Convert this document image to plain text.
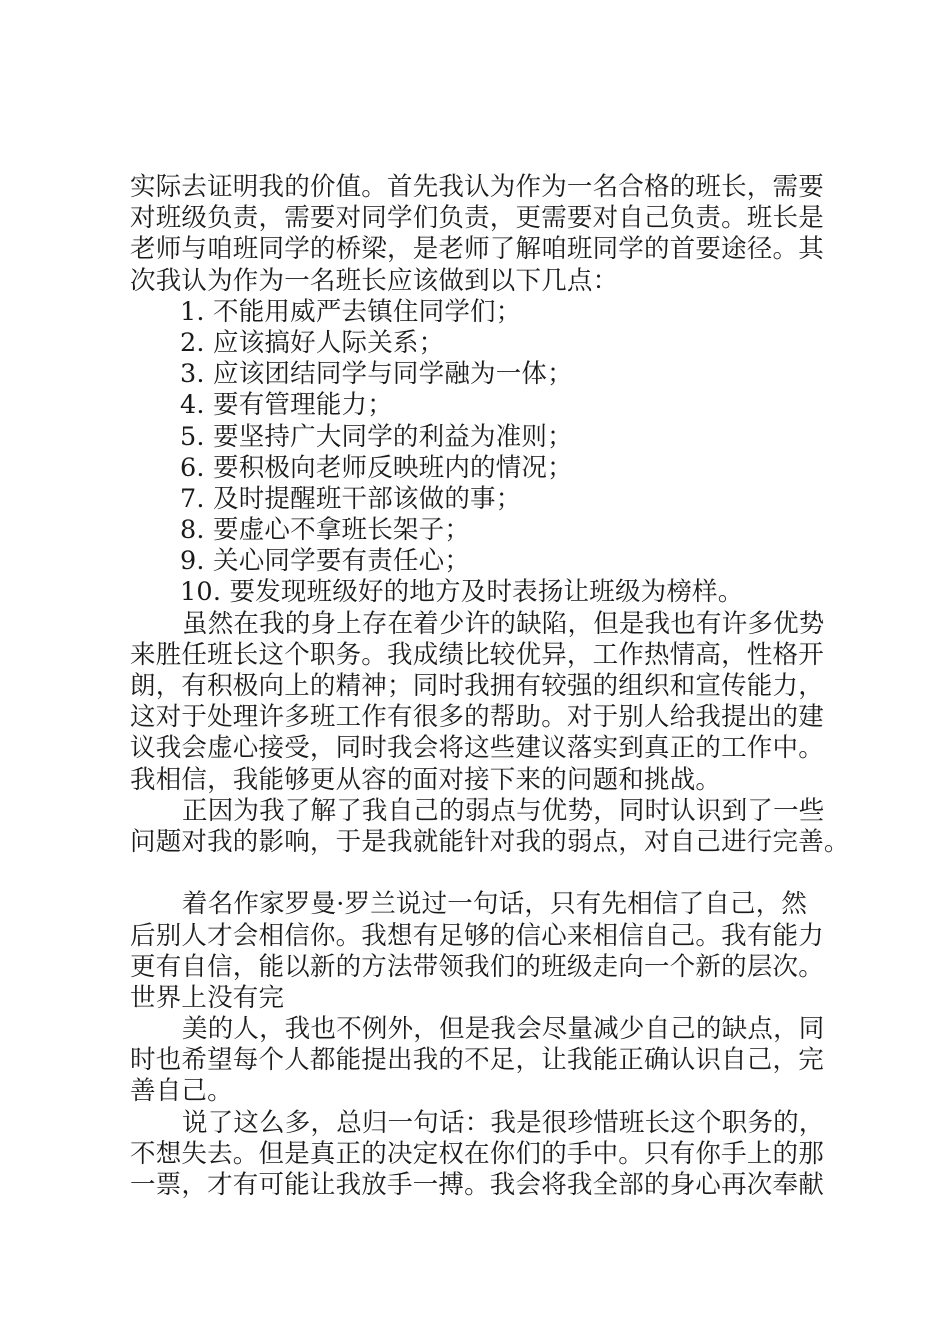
实际去证明我的价值。首先我认为作为一名合格的班长，需要
对班级负责，需要对同学们负责，更需要对自己负责。班长是
老师与咱班同学的桥梁，是老师了解咱班同学的首要途径。其
次我认为作为一名班长应该做到以下几点：
1. 不能用威严去镇住同学们；
2. 应该搞好人际关系；
3. 应该团结同学与同学融为一体；
4. 要有管理能力；
5. 要坚持广大同学的利益为准则；
6. 要积极向老师反映班内的情况；
7. 及时提醒班干部该做的事；
8. 要虚心不拿班长架子；
9. 关心同学要有责任心；
10. 要发现班级好的地方及时表扬让班级为榜样。
虽然在我的身上存在着少许的缺陷，但是我也有许多优势
来胜任班长这个职务。我成绩比较优异，工作热情高，性格开
朗，有积极向上的精神；同时我拥有较强的组织和宣传能力，
这对于处理许多班工作有很多的帮助。对于别人给我提出的建
议我会虚心接受，同时我会将这些建议落实到真正的工作中。
我相信，我能够更从容的面对接下来的问题和挑战。
正因为我了解了我自己的弱点与优势，同时认识到了一些
问题对我的影响，于是我就能针对我的弱点，对自己进行完善。
着名作家罗曼·罗兰说过一句话，只有先相信了自己，然
后别人才会相信你。我想有足够的信心来相信自己。我有能力
更有自信，能以新的方法带领我们的班级走向一个新的层次。
世界上没有完
美的人，我也不例外，但是我会尽量减少自己的缺点，同
时也希望每个人都能提出我的不足，让我能正确认识自己，完
善自己。
说了这么多，总归一句话：我是很珍惜班长这个职务的，
不想失去。但是真正的决定权在你们的手中。只有你手上的那
一票，才有可能让我放手一搏。我会将我全部的身心再次奉献
